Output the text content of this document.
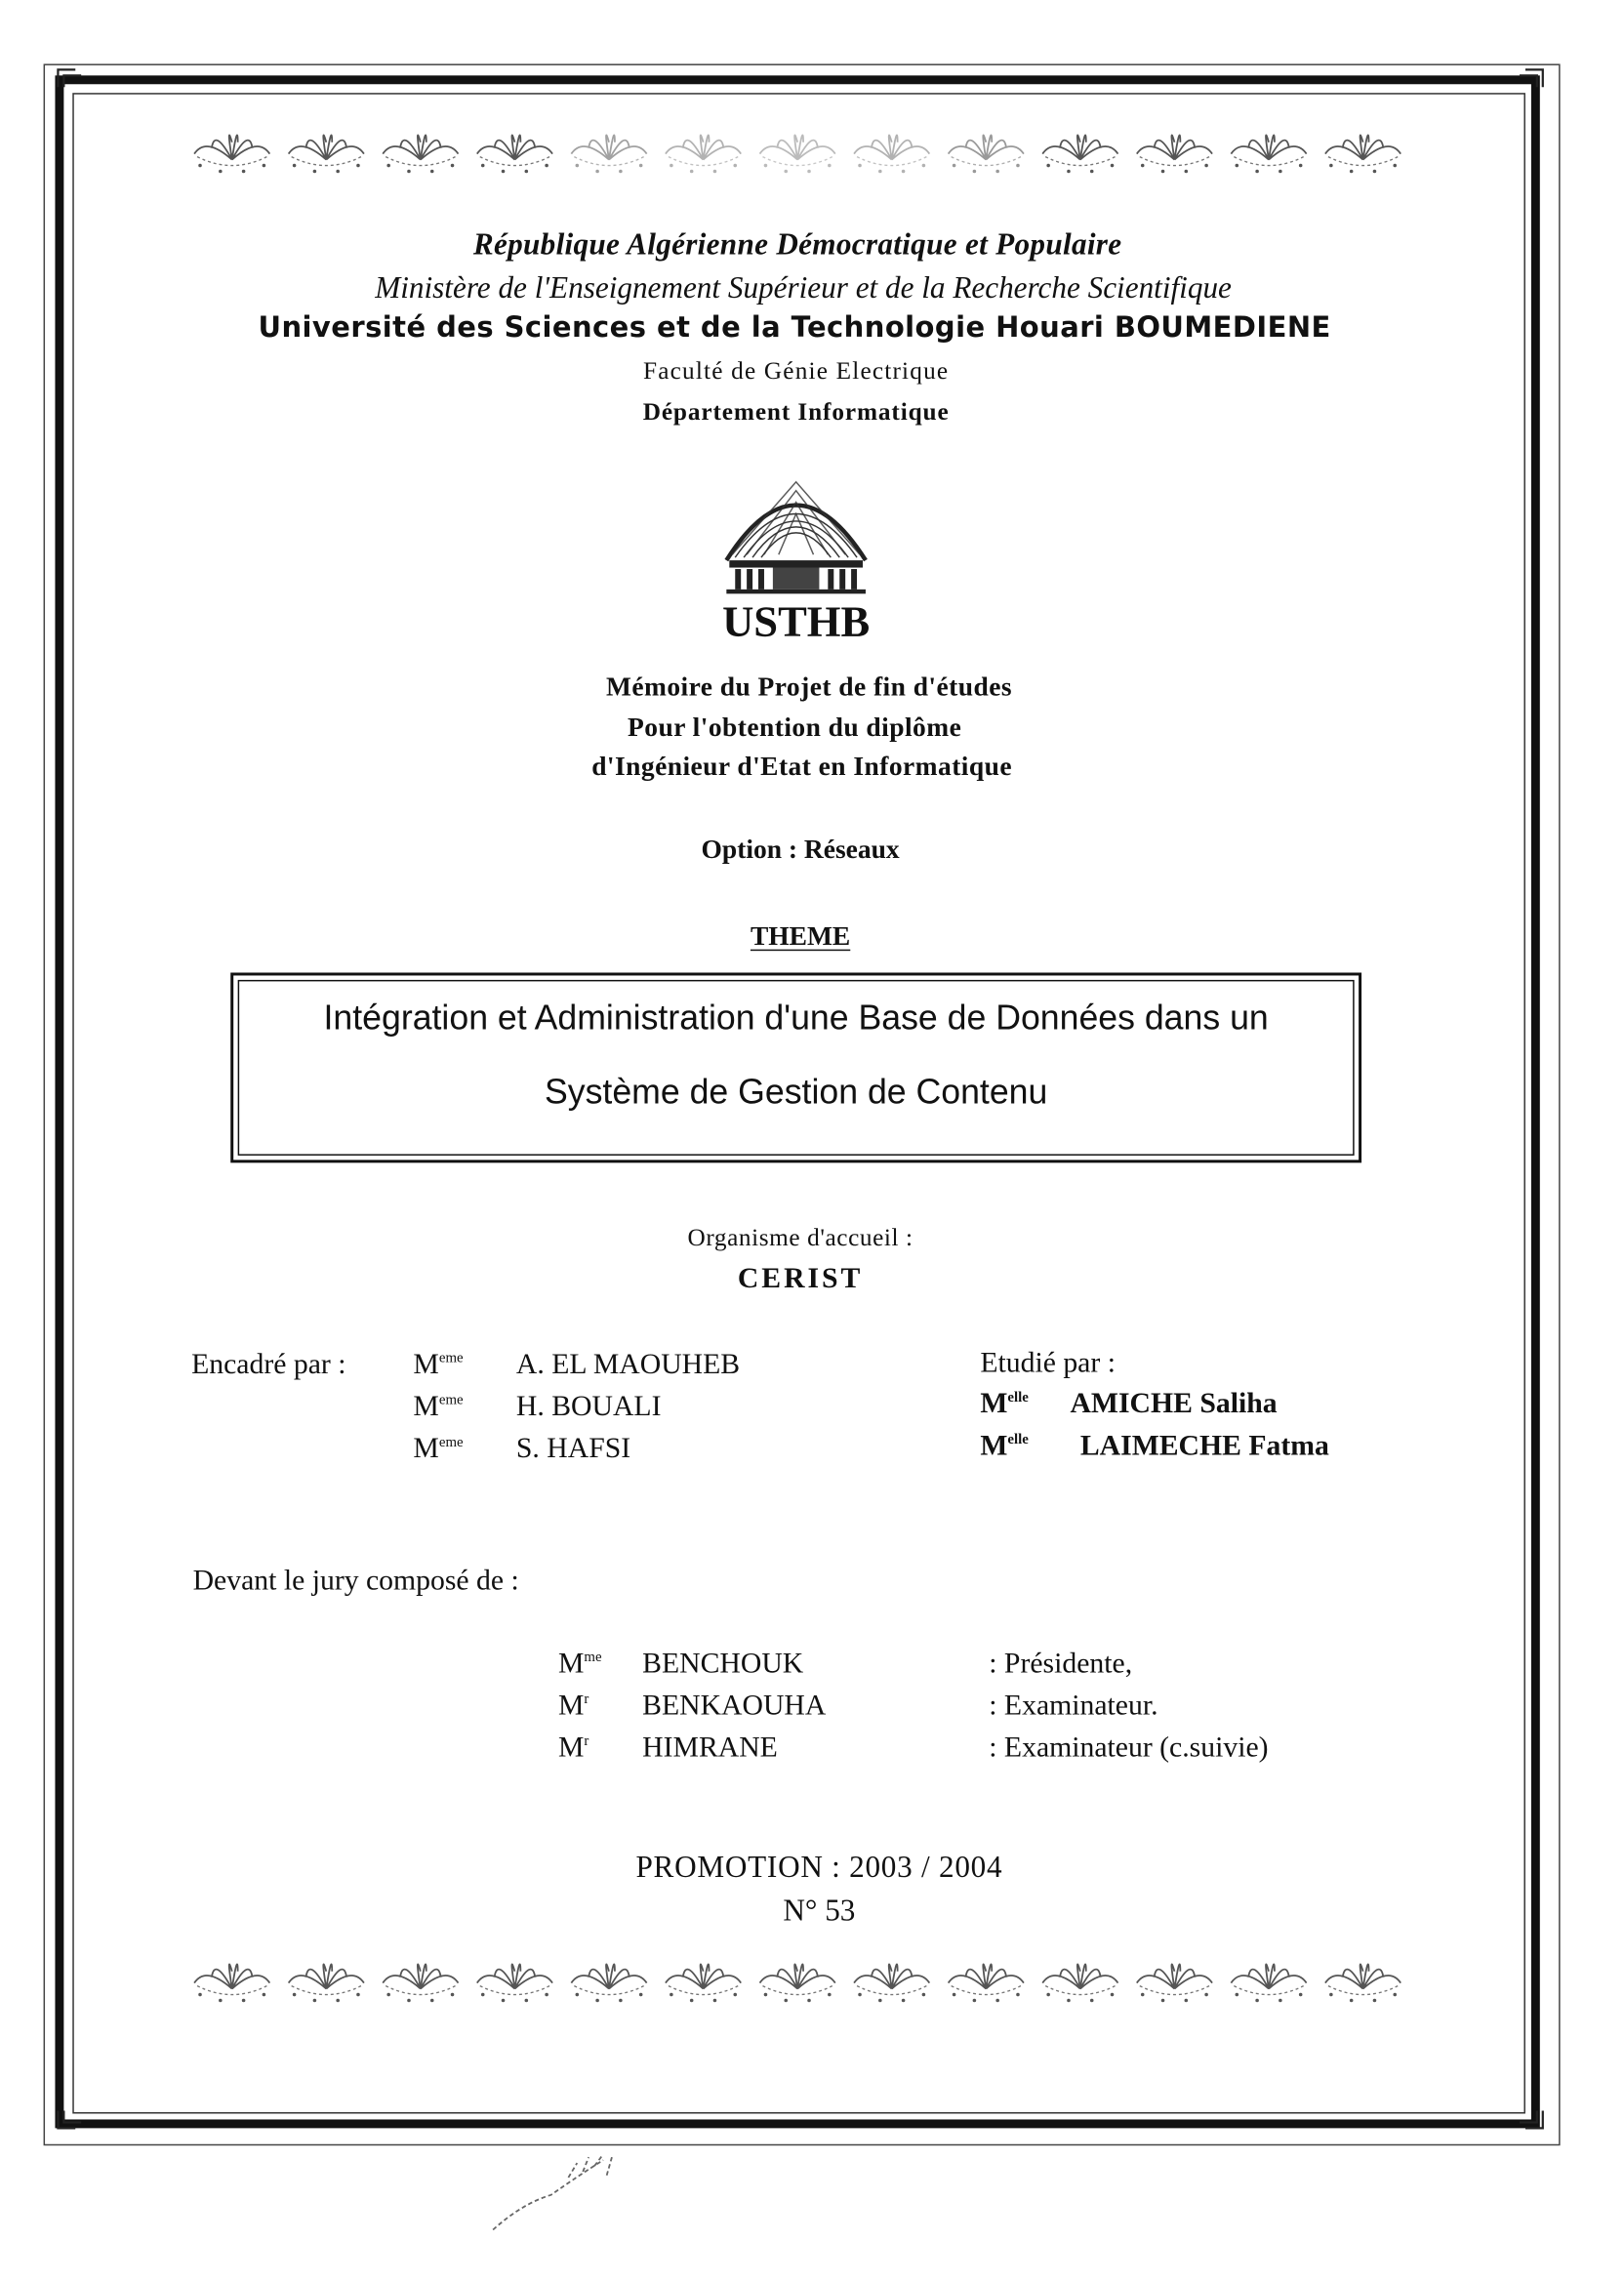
République Algérienne Démocratique et Populaire
Ministère de l'Enseignement Supérieur et de la Recherche Scientifique
Université des Sciences et de la Technologie Houari BOUMEDIENE
Faculté de Génie Electrique
Département Informatique
USTHB
Mémoire du Projet de fin d'études
Pour l'obtention du diplôme
d'Ingénieur d'Etat en Informatique
Option : Réseaux
THEME
Intégration et Administration d'une Base de Données dans un
Système de Gestion de Contenu
Organisme d'accueil :
CERIST
Encadré par :	Meme	A. EL MAOUHEB
Meme	H. BOUALI
Meme	S. HAFSI
Etudié par :
$M^{elle}$ AMICHE Saliha
$M^{elle}$	LAIMECHE Fatma
Devant le jury composé de :
$M^{me}$ BENCHOUK	: Présidente,
$M^r$	BENKAOUHA	: Examinateur.
$M^r$	HIMRANE	: Examinateur (c.suivie)
PROMOTION : 2003 / 2004
N° 53
